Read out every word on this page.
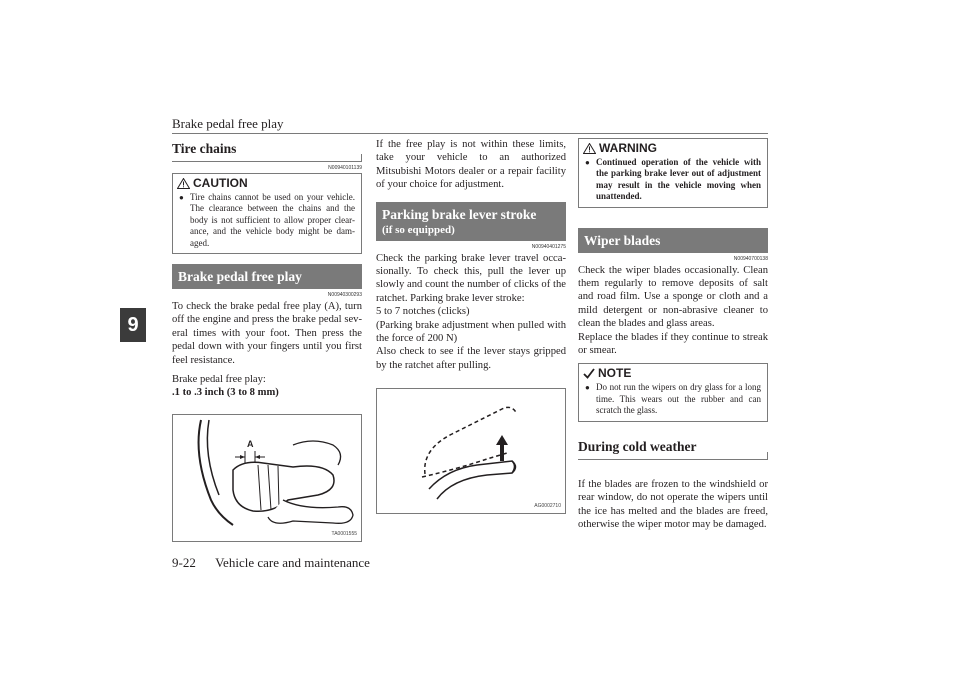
Brake pedal free play
9
9-22 Vehicle care and maintenance
Tire chains
N00940101139
CAUTION
● Tire chains cannot be used on your vehicle. The clearance between the chains and the body is not sufficient to allow proper clear-ance, and the vehicle body might be dam-aged.
Brake pedal free play
N00940300293

To check the brake pedal free play (A), turn off the engine and press the brake pedal sev-eral times with your foot. Then press the pedal down with your fingers until you first feel resistance.

Brake pedal free play:

.1 to .3 inch (3 to 8 mm)

A
TA0001555

If the free play is not within these limits, take your vehicle to an authorized Mitsubishi Motors dealer or a repair facility of your choice for adjustment.

Parking brake lever stroke
(if so equipped)
N00940401275

Check the parking brake lever travel occa-sionally. To check this, pull the lever up slowly and count the number of clicks of the ratchet. Parking brake lever stroke:

5 to 7 notches (clicks)

(Parking brake adjustment when pulled with the force of 200 N)

Also check to see if the lever stays gripped by the ratchet after pulling.

AG0002710
WARNING
● Continued operation of the vehicle with the parking brake lever out of adjustment may result in the vehicle moving when unattended.
Wiper blades
N00940700138

Check the wiper blades occasionally. Clean them regularly to remove deposits of salt and road film. Use a sponge or cloth and a mild detergent or non-abrasive cleaner to clean the blades and glass areas.

Replace the blades if they continue to streak or smear.

NOTE
● Do not run the wipers on dry glass for a long time. This wears out the rubber and can scratch the glass.
During cold weather

If the blades are frozen to the windshield or rear window, do not operate the wipers until the ice has melted and the blades are freed, otherwise the wiper motor may be damaged.
